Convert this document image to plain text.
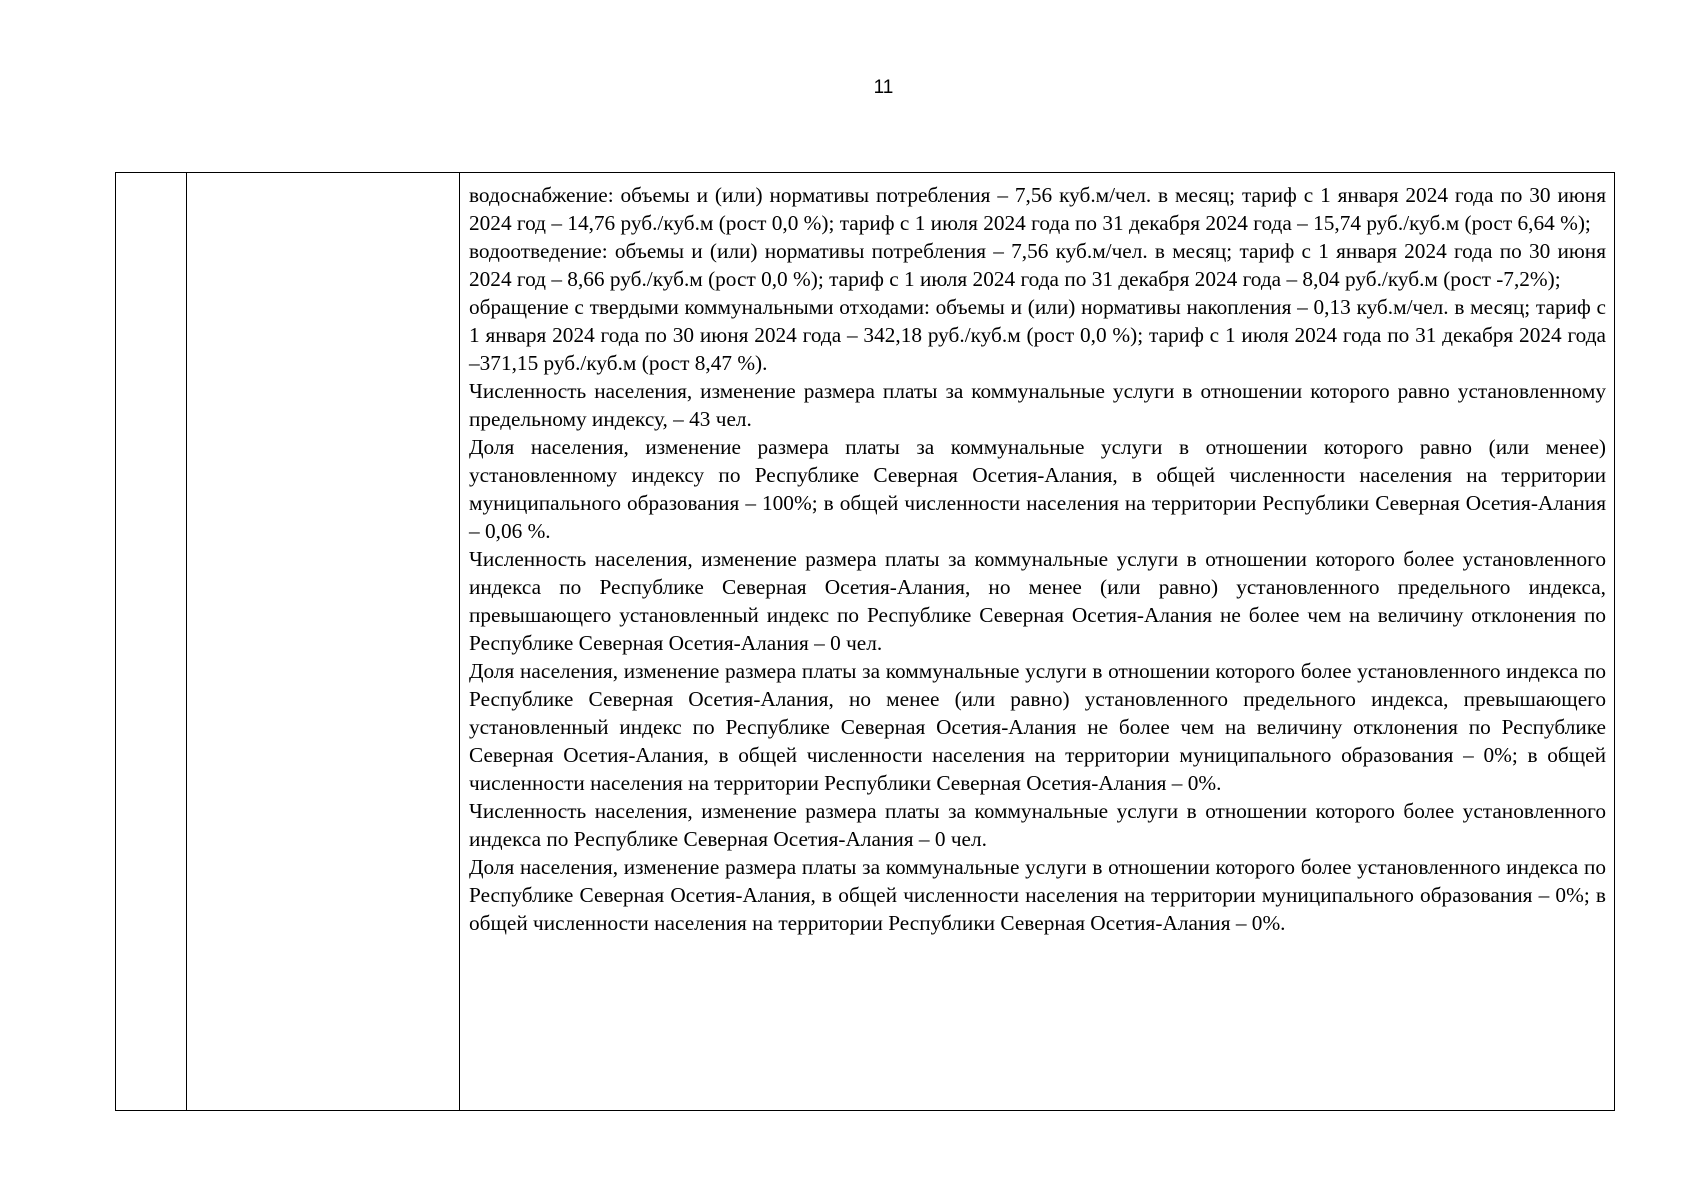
11

водоснабжение: объемы и (или) нормативы потребления – 7,56 куб.м/чел. в месяц; тариф с 1 января 2024 года по 30 июня 2024 год – 14,76 руб./куб.м (рост 0,0 %); тариф с 1 июля 2024 года по 31 декабря 2024 года – 15,74 руб./куб.м (рост 6,64 %);

водоотведение: объемы и (или) нормативы потребления – 7,56 куб.м/чел. в месяц; тариф с 1 января 2024 года по 30 июня 2024 год – 8,66 руб./куб.м (рост 0,0 %); тариф с 1 июля 2024 года по 31 декабря 2024 года – 8,04 руб./куб.м (рост -7,2%);

обращение с твердыми коммунальными отходами: объемы и (или) нормативы накопления – 0,13 куб.м/чел. в месяц; тариф с 1 января 2024 года по 30 июня 2024 года – 342,18 руб./куб.м (рост 0,0 %); тариф с 1 июля 2024 года по 31 декабря 2024 года –371,15 руб./куб.м (рост 8,47 %).

Численность населения, изменение размера платы за коммунальные услуги в отношении которого равно установленному предельному индексу, – 43 чел.

Доля населения, изменение размера платы за коммунальные услуги в отношении которого равно (или менее) установленному индексу по Республике Северная Осетия-Алания, в общей численности населения на территории муниципального образования – 100%; в общей численности населения на территории Республики Северная Осетия-Алания – 0,06 %.

Численность населения, изменение размера платы за коммунальные услуги в отношении которого более установленного индекса по Республике Северная Осетия-Алания, но менее (или равно) установленного предельного индекса, превышающего установленный индекс по Республике Северная Осетия-Алания не более чем на величину отклонения по Республике Северная Осетия-Алания – 0 чел.

Доля населения, изменение размера платы за коммунальные услуги в отношении которого более установленного индекса по Республике Северная Осетия-Алания, но менее (или равно) установленного предельного индекса, превышающего установленный индекс по Республике Северная Осетия-Алания не более чем на величину отклонения по Республике Северная Осетия-Алания, в общей численности населения на территории муниципального образования – 0%; в общей численности населения на территории Республики Северная Осетия-Алания – 0%.

Численность населения, изменение размера платы за коммунальные услуги в отношении которого более установленного индекса по Республике Северная Осетия-Алания – 0 чел.

Доля населения, изменение размера платы за коммунальные услуги в отношении которого более установленного индекса по Республике Северная Осетия-Алания, в общей численности населения на территории муниципального образования – 0%; в общей численности населения на территории Республики Северная Осетия-Алания – 0%.
